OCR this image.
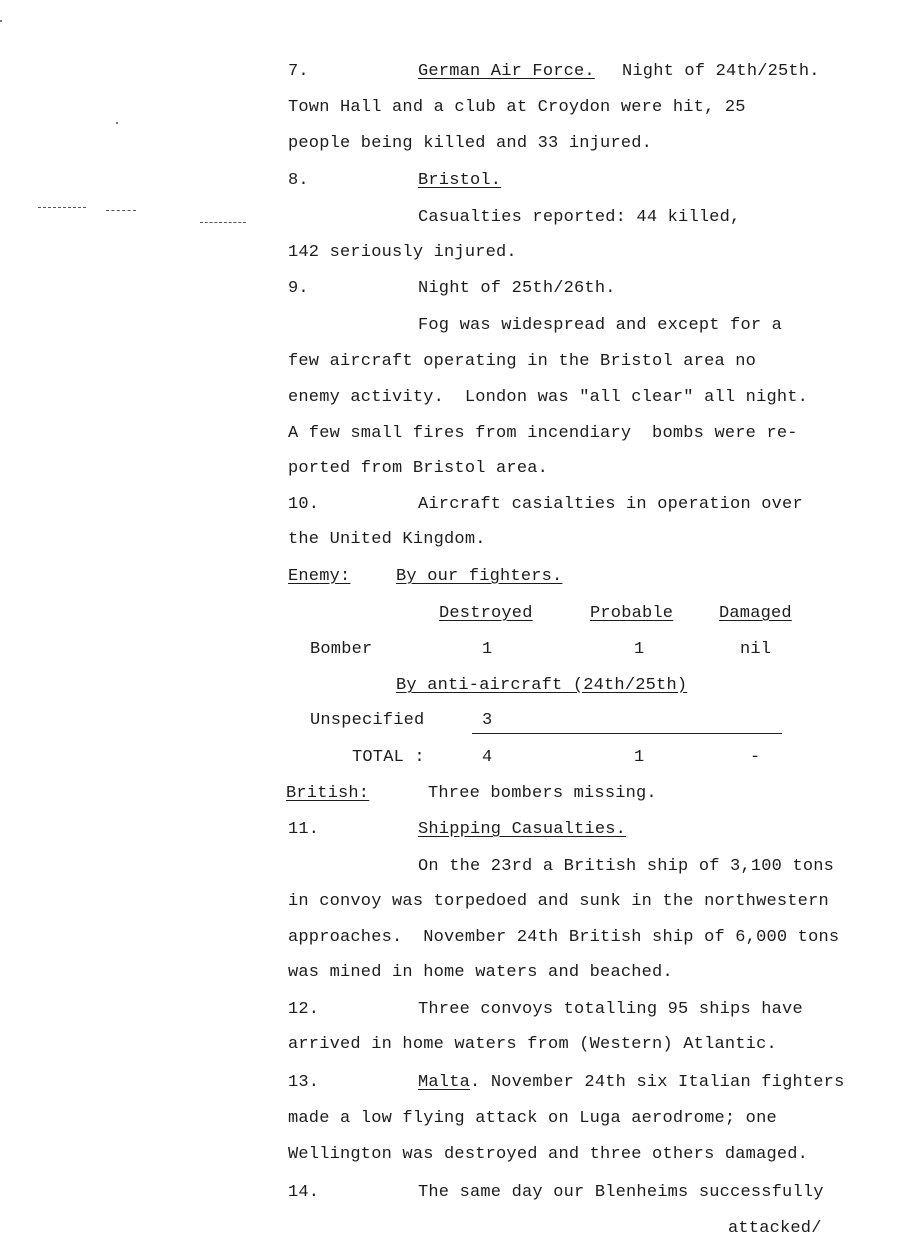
7.	German Air Force. Night of 24th/25th.
Town Hall and a club at Croydon were hit, 25
people being killed and 33 injured.
8.	Bristol.
Casualties reported: 44 killed,
142 seriously injured.
9.	Night of 25th/26th.
Fog was widespread and except for a
few aircraft operating in the Bristol area no
enemy activity.  London was "all clear" all night.
A few small fires from incendiary  bombs were re-
ported from Bristol area.
10.	Aircraft casialties in operation over
the United Kingdom.
Enemy:	By our fighters.
Destroyed	Probable	Damaged
Bomber	1	1	nil
By anti-aircraft (24th/25th)
Unspecified	3
TOTAL :	4	1	-
British:	Three bombers missing.
11.	Shipping Casualties.
On the 23rd a British ship of 3,100 tons
in convoy was torpedoed and sunk in the northwestern
approaches.  November 24th British ship of 6,000 tons
was mined in home waters and beached.
12.	Three convoys totalling 95 ships have
arrived in home waters from (Western) Atlantic.
13.	Malta. November 24th six Italian fighters
made a low flying attack on Luga aerodrome; one
Wellington was destroyed and three others damaged.
14.	The same day our Blenheims successfully
attacked/
